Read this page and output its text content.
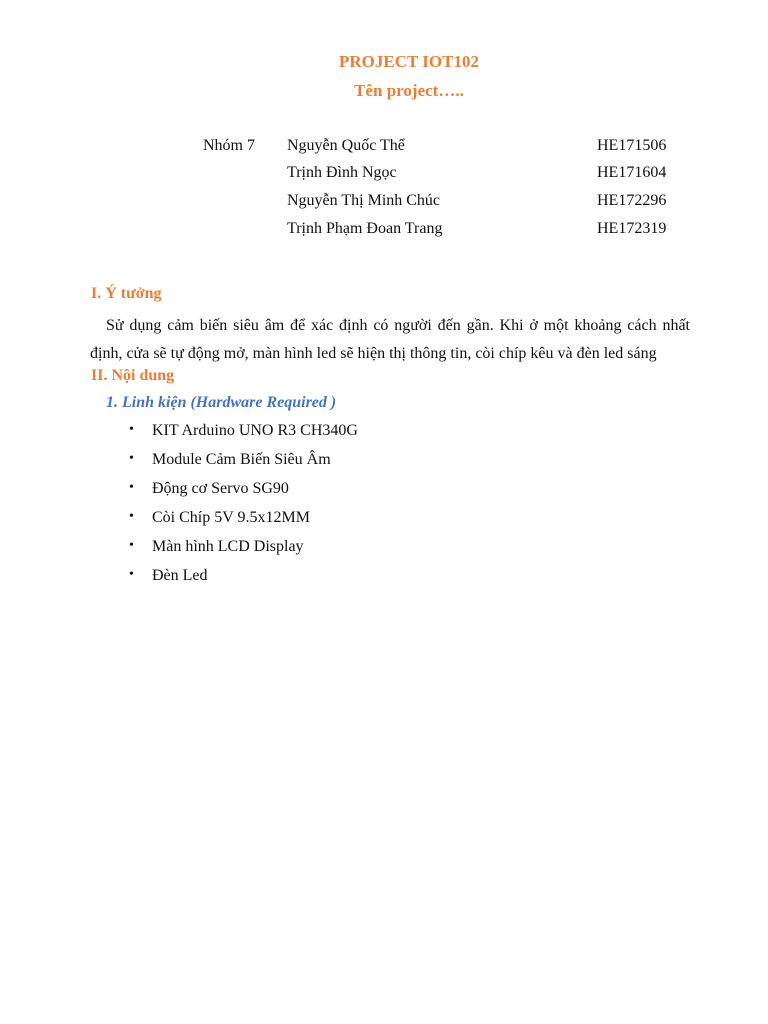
PROJECT IOT102
Tên project…..
Nhóm 7 Nguyễn Quốc Thể	HE171506
Trịnh Đình Ngọc	HE171604
Nguyễn Thị Minh Chúc	HE172296
Trịnh Phạm Đoan Trang	HE172319
I. Ý tưởng
Sử dụng cảm biến siêu âm để xác định có người đến gần. Khi ở một khoảng cách nhất định, cửa sẽ tự động mở, màn hình led sẽ hiện thị thông tin, còi chíp kêu và đèn led sáng
II. Nội dung
1. Linh kiện (Hardware Required )
• KIT Arduino UNO R3 CH340G
• Module Cảm Biến Siêu Âm
• Động cơ Servo SG90
• Còi Chíp 5V 9.5x12MM
• Màn hình LCD Display
• Đèn Led
